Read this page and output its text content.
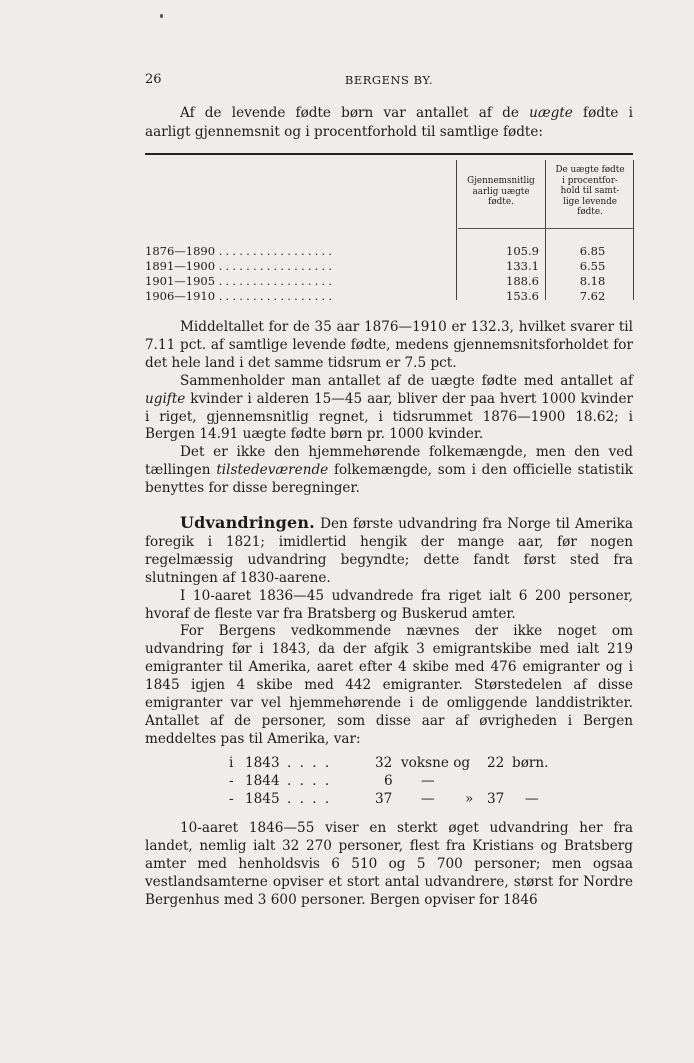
26	BERGENS BY.
Af de levende fødte børn var antallet af de uægte fødte i
aarligt gjennemsnit og i procentforhold til samtlige fødte:
Gjennemsnitlig
aarlig uægte
fødte.
De uægte fødte
i procentfor-
hold til samt-
lige levende
fødte.
1876—1890 .................	105.9	6.85
1891—1900 .................	133.1	6.55
1901—1905 .................	188.6	8.18
1906—1910 .................	153.6	7.62

Middeltallet for de 35 aar 1876—1910 er 132.3, hvilket svarer til 7.11 pct. af samtlige levende fødte, medens gjennemsnitsforholdet for det hele land i det samme tidsrum er 7.5 pct.

Sammenholder man antallet af de uægte fødte med antallet af ugifte kvinder i alderen 15—45 aar, bliver der paa hvert 1000 kvinder i riget, gjennemsnitlig regnet, i tidsrummet 1876—1900 18.62; i Bergen 14.91 uægte fødte børn pr. 1000 kvinder.

Det er ikke den hjemmehørende folkemængde, men den ved tællingen tilstedeværende folkemængde, som i den officielle statistik benyttes for disse beregninger.

Udvandringen. Den første udvandring fra Norge til Amerika foregik i 1821; imidlertid hengik der mange aar, før nogen regelmæssig udvandring begyndte; dette fandt først sted fra slutningen af 1830-aarene.

I 10-aaret 1836—45 udvandrede fra riget ialt 6 200 personer, hvoraf de fleste var fra Bratsberg og Buskerud amter.

For Bergens vedkommende nævnes der ikke noget om udvandring før i 1843, da der afgik 3 emigrantskibe med ialt 219 emigranter til Amerika, aaret efter 4 skibe med 476 emigranter og i 1845 igjen 4 skibe med 442 emigranter. Størstedelen af disse emigranter var vel hjemmehørende i de omliggende landdistrikter. Antallet af de personer, som disse aar af øvrigheden i Bergen meddeltes pas til Amerika, var:

i 1843 . . . .	32 voksne og 22 børn.
- 1844 . . . .	6 —
- 1845 . . . .	37 — » 37 —

10-aaret 1846—55 viser en sterkt øget udvandring her fra landet, nemlig ialt 32 270 personer, flest fra Kristians og Bratsberg amter med henholdsvis 6 510 og 5 700 personer; men ogsaa vestlandsamterne opviser et stort antal udvandrere, størst for Nordre Bergenhus med 3 600 personer. Bergen opviser for 1846
